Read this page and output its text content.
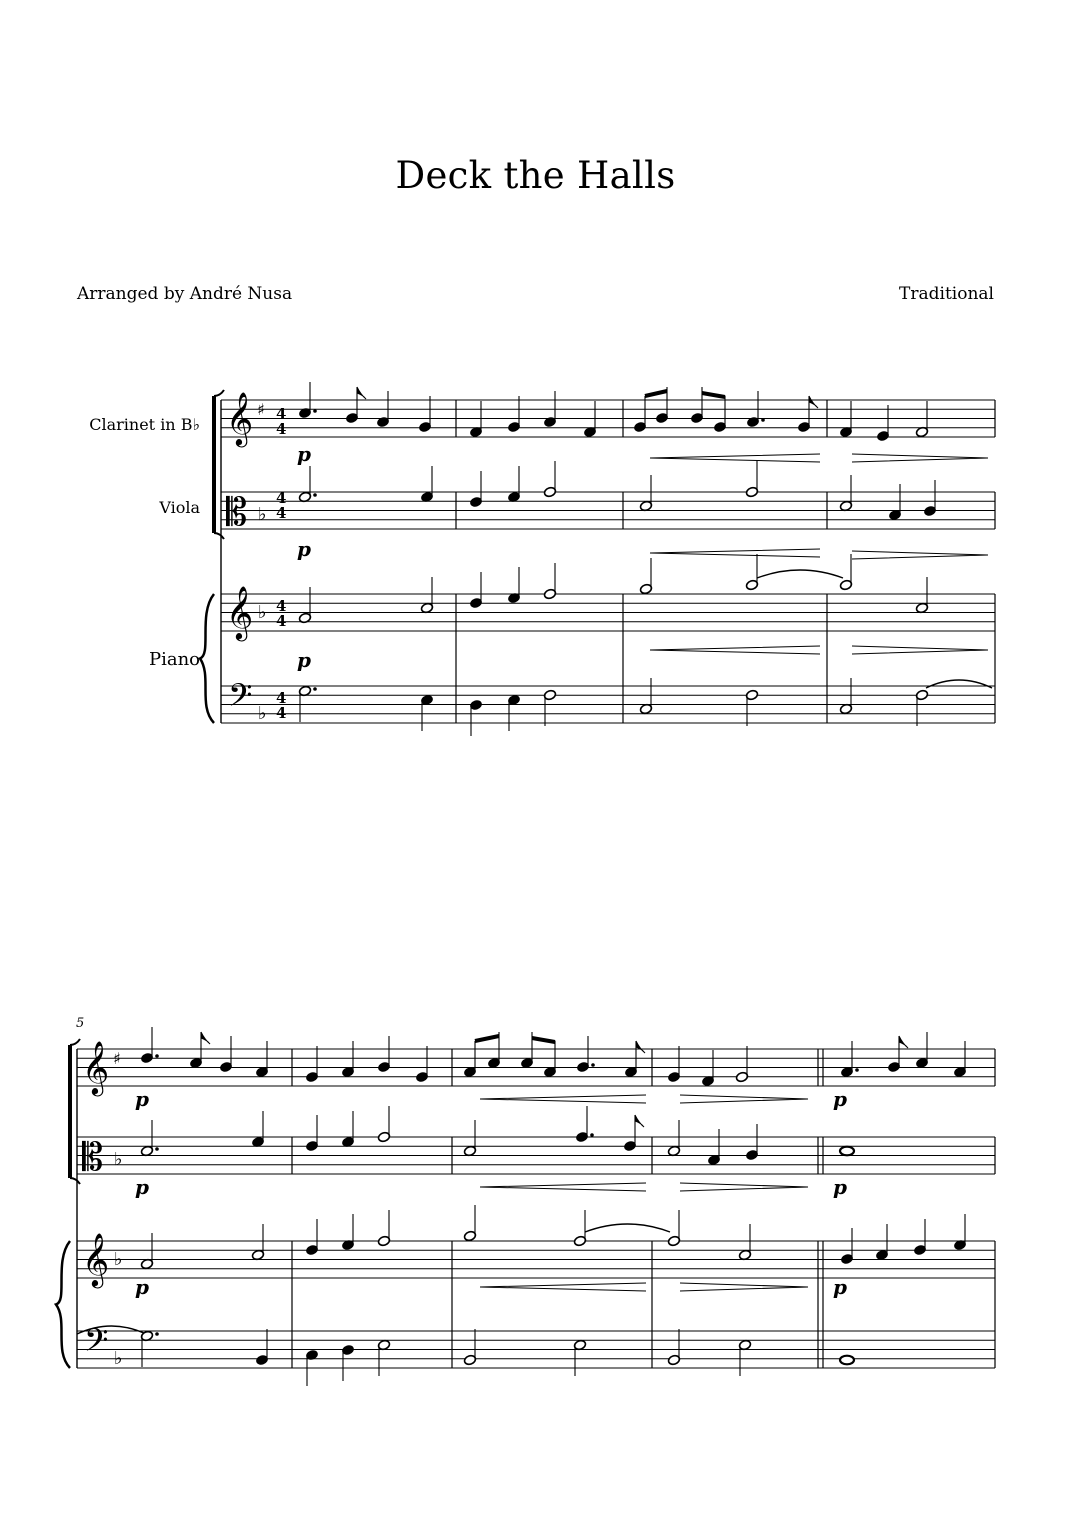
Deck the Halls
Arranged by André Nusa	Traditional
Clarinet in B♭
Viola
Piano
4
4
4
4
4
4
4
4
p
p
p
p
p
p
p
p
p
5
𝄞 ♯
𝄡 ♭
𝄞 ♭
𝄢 ♭
𝄞 ♯
𝄡 ♭
𝄞 ♭
𝄢 ♭
